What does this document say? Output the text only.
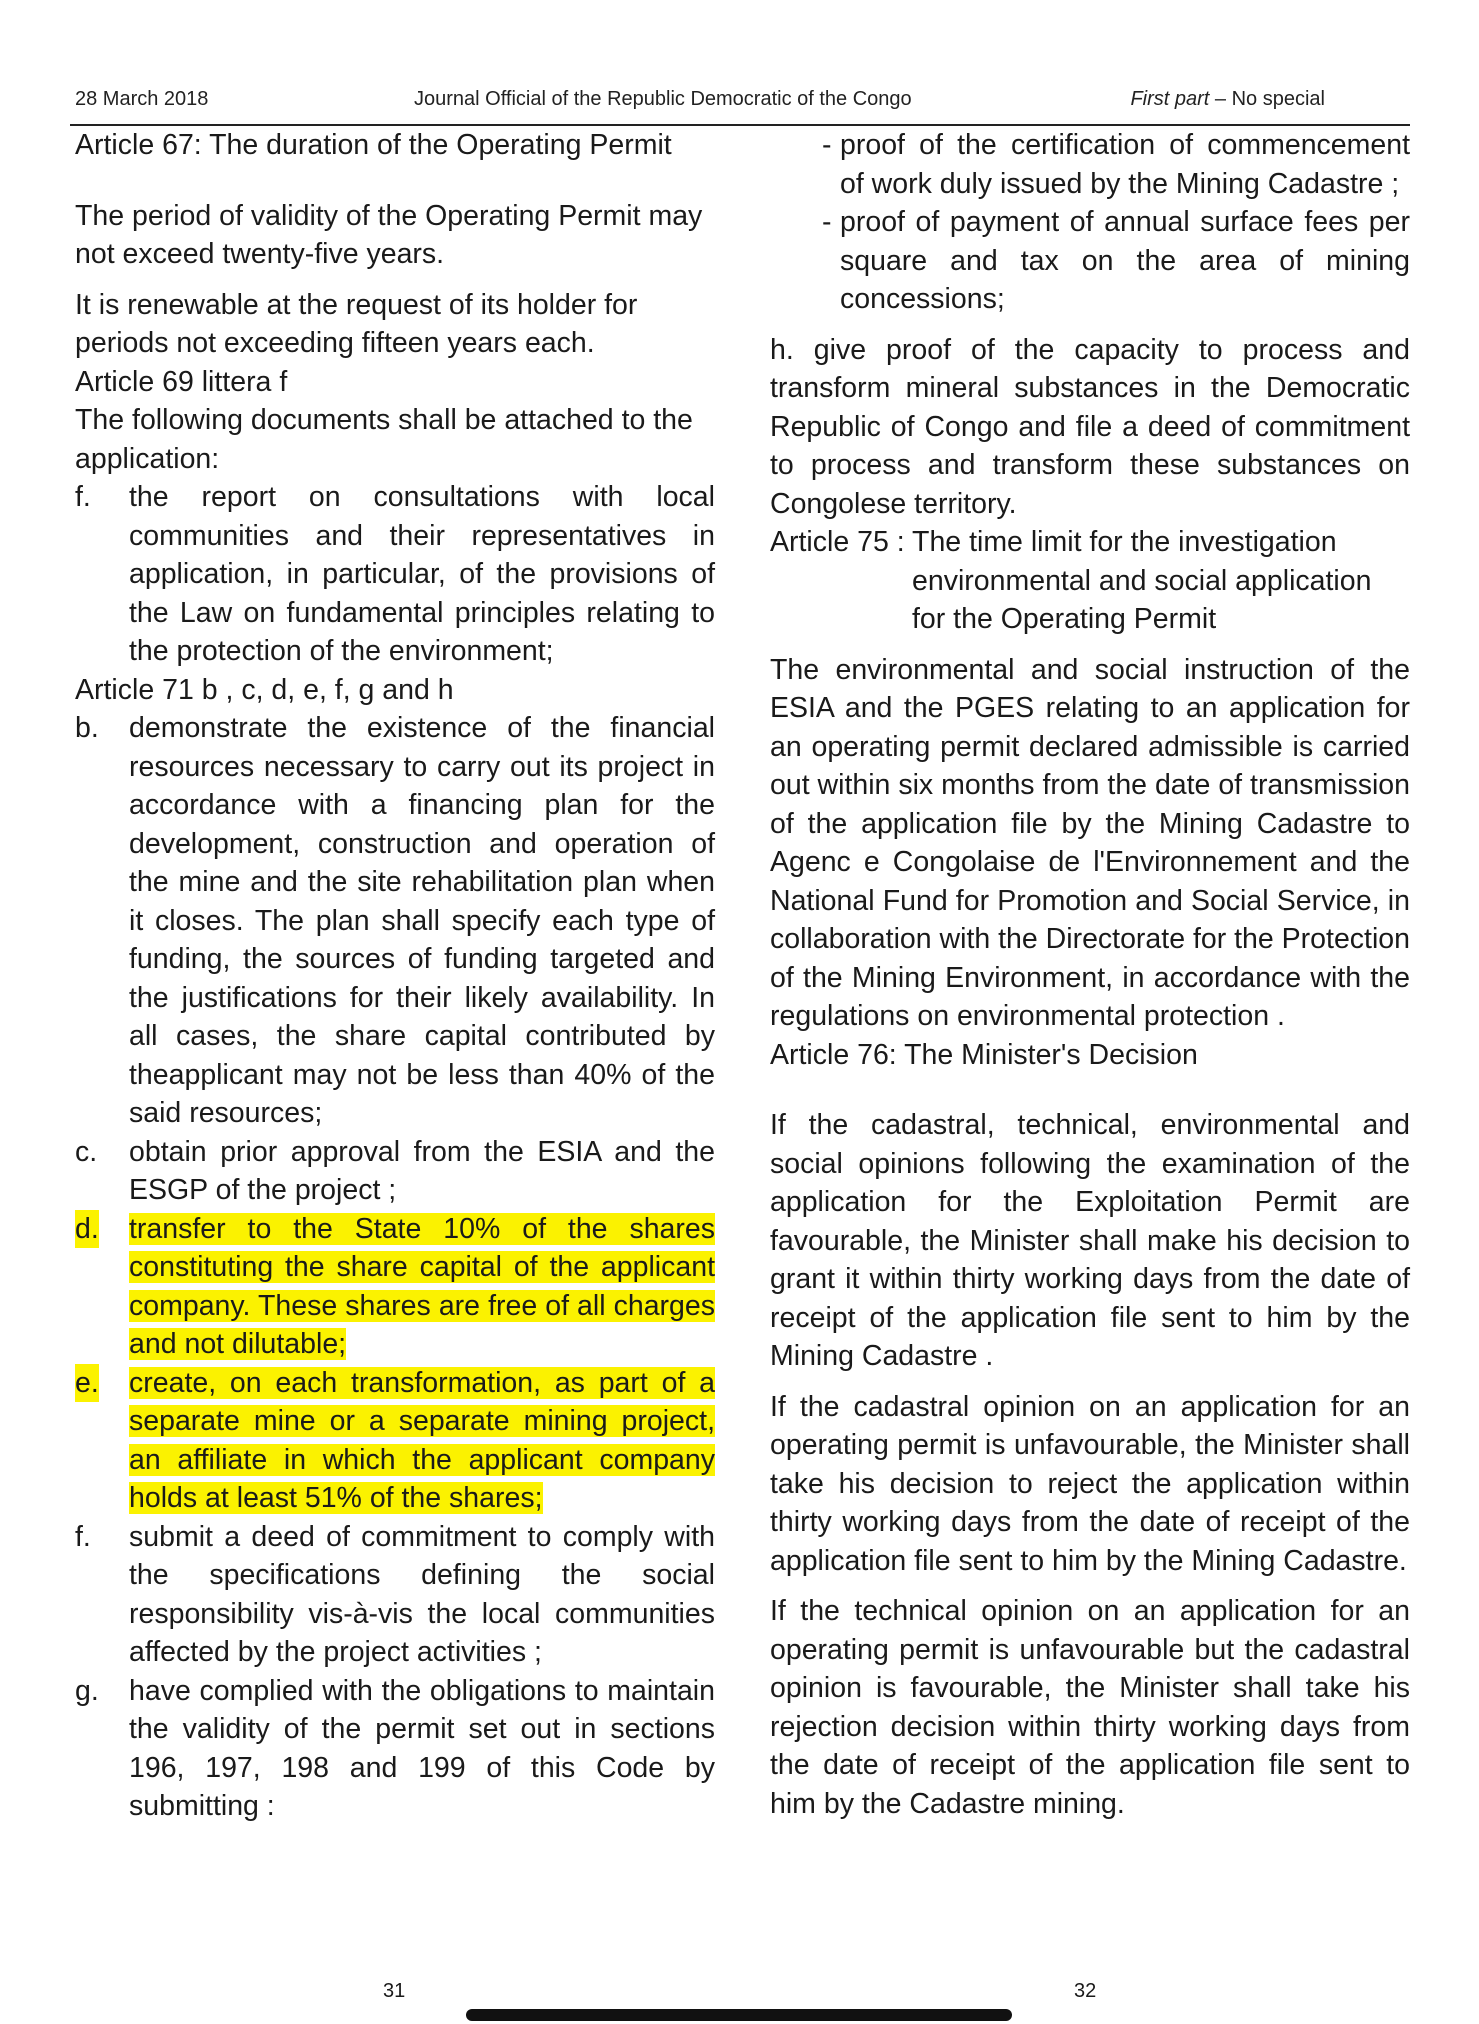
28 March 2018	Journal Official of the Republic Democratic of the Congo	First part – No special

Article 67: The duration of the Operating Permit

The period of validity of the Operating Permit may not exceed twenty-five years.

It is renewable at the request of its holder for periods not exceeding fifteen years each.

Article 69 littera f

The following documents shall be attached to the application:

f. the report on consultations with local communities and their representatives in application, in particular, of the provisions of the Law on fundamental principles relating to the protection of the environment;

Article 71 b , c, d, e, f, g and h

b. demonstrate the existence of the financial resources necessary to carry out its project in accordance with a financing plan for the development, construction and operation of the mine and the site rehabilitation plan when it closes. The plan shall specify each type of funding, the sources of funding targeted and the justifications for their likely availability. In all cases, the share capital contributed by theapplicant may not be less than 40% of the said resources;

c. obtain prior approval from the ESIA and the ESGP of the project ;

d. transfer to the State 10% of the shares constituting the share capital of the applicant company. These shares are free of all charges and not dilutable;

e. create, on each transformation, as part of a separate mine or a separate mining project, an affiliate in which the applicant company holds at least 51% of the shares;

f. submit a deed of commitment to comply with the specifications defining the social responsibility vis-à-vis the local communities affected by the project activities ;

g. have complied with the obligations to maintain the validity of the permit set out in sections 196, 197, 198 and 199 of this Code by submitting :

- proof of the certification of commencement of work duly issued by the Mining Cadastre ;

- proof of payment of annual surface fees per square and tax on the area of mining concessions;

h. give proof of the capacity to process and transform mineral substances in the Democratic Republic of Congo and file a deed of commitment to process and transform these substances on Congolese territory.

Article 75 : The time limit for the investigation

environmental and social application

for the Operating Permit

The environmental and social instruction of the ESIA and the PGES relating to an application for an operating permit declared admissible is carried out within six months from the date of transmission of the application file by the Mining Cadastre to Agenc e Congolaise de l'Environnement and the National Fund for Promotion and Social Service, in collaboration with the Directorate for the Protection of the Mining Environment, in accordance with the regulations on environmental protection .

Article 76: The Minister's Decision

If the cadastral, technical, environmental and social opinions following the examination of the application for the Exploitation Permit are favourable, the Minister shall make his decision to grant it within thirty working days from the date of receipt of the application file sent to him by the Mining Cadastre .

If the cadastral opinion on an application for an operating permit is unfavourable, the Minister shall take his decision to reject the application within thirty working days from the date of receipt of the application file sent to him by the Mining Cadastre.

If the technical opinion on an application for an operating permit is unfavourable but the cadastral opinion is favourable, the Minister shall take his rejection decision within thirty working days from the date of receipt of the application file sent to him by the Cadastre mining.

31	32
